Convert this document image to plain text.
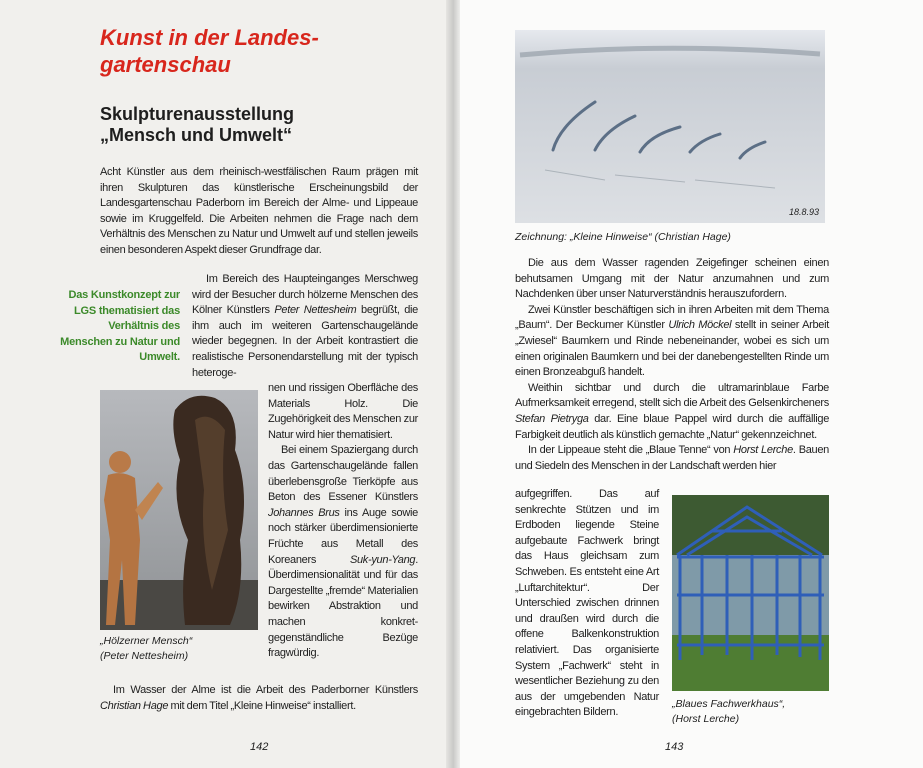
Kunst in der Landes-
gartenschau
Skulpturenausstellung
„Mensch und Umwelt“

Acht Künstler aus dem rheinisch-westfälischen Raum prägen mit ihren Skulpturen das künstlerische Erscheinungsbild der Landesgartenschau Paderborn im Bereich der Alme- und Lippeaue sowie im Kruggelfeld. Die Arbeiten nehmen die Frage nach dem Verhältnis des Menschen zu Natur und Umwelt auf und stellen jeweils einen besonderen Aspekt dieser Grundfrage dar.

Das Kunstkonzept zur LGS thematisiert das Verhältnis des Menschen zu Natur und Umwelt.

Im Bereich des Haupteinganges Merschweg wird der Besucher durch hölzerne Menschen des Kölner Künstlers Peter Nettesheim begrüßt, die ihm auch im weiteren Gartenschaugelände wieder begegnen. In der Arbeit kontrastiert die realistische Personendarstellung mit der typisch heteroge-

„Hölzerner Mensch“
(Peter Nettesheim)

nen und rissigen Oberfläche des Materials Holz. Die Zugehörigkeit des Menschen zur Natur wird hier thematisiert.

Bei einem Spaziergang durch das Gartenschaugelände fallen überlebensgroße Tierköpfe aus Beton des Essener Künstlers Johannes Brus ins Auge sowie noch stärker überdimensionierte Früchte aus Metall des Koreaners Suk-yun-Yang. Überdimensionalität und für das Dargestellte „fremde“ Materialien bewirken Abstraktion und machen konkret-gegenständliche Bezüge fragwürdig.

Im Wasser der Alme ist die Arbeit des Paderborner Künstlers Christian Hage mit dem Titel „Kleine Hinweise“ installiert.

142
18.8.93
Zeichnung: „Kleine Hinweise“ (Christian Hage)

Die aus dem Wasser ragenden Zeigefinger scheinen einen behutsamen Umgang mit der Natur anzumahnen und zum Nachdenken über unser Naturverständnis herauszufordern.

Zwei Künstler beschäftigen sich in ihren Arbeiten mit dem Thema „Baum“. Der Beckumer Künstler Ulrich Möckel stellt in seiner Arbeit „Zwiesel“ Baumkern und Rinde nebeneinander, wobei es sich um einen originalen Baumkern und bei der danebengestellten Rinde um einen Bronzeabguß handelt.

Weithin sichtbar und durch die ultramarinblaue Farbe Aufmerksamkeit erregend, stellt sich die Arbeit des Gelsenkircheners Stefan Pietryga dar. Eine blaue Pappel wird durch die auffällige Farbigkeit deutlich als künstlich gemachte „Natur“ gekennzeichnet.

In der Lippeaue steht die „Blaue Tenne“ von Horst Lerche. Bauen und Siedeln des Menschen in der Landschaft werden hier

aufgegriffen. Das auf senkrechte Stützen und im Erdboden liegende Steine aufgebaute Fachwerk bringt das Haus gleichsam zum Schweben. Es entsteht eine Art „Luftarchitektur“. Der Unterschied zwischen drinnen und draußen wird durch die offene Balkenkonstruktion relativiert. Das organisierte System „Fachwerk“ steht in wesentlicher Beziehung zu den aus der umgebenden Natur eingebrachten Bildern.

„Blaues Fachwerkhaus“,
(Horst Lerche)
143
